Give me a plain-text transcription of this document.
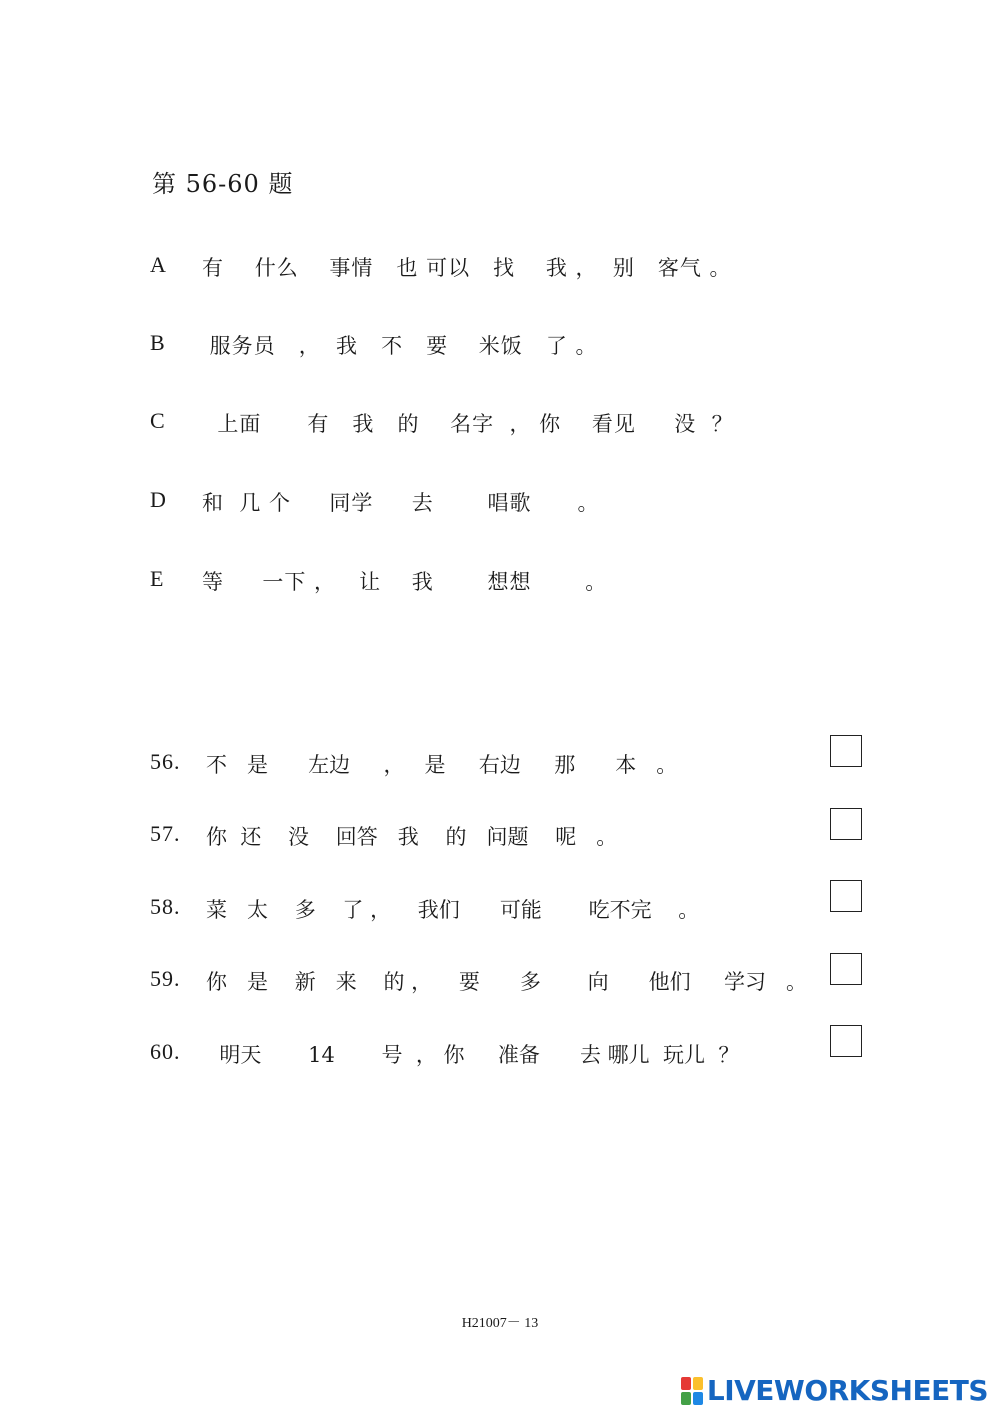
第 56-60 题
A	有    什么    事情   也 可以   找    我 ，  别   客气 。
B	服务员   ，  我   不   要    米饭   了 。
C	上面      有   我   的    名字  ， 你    看见     没  ？
D	和  几 个     同学     去       唱歌      。
E	等     一下 ，   让    我       想想       。
56.	不   是      左边     ，   是     右边     那      本   。
57.	你  还    没    回答   我    的   问题    呢   。
58.	菜   太    多    了 ，    我们      可能       吃不完    。
59.	你   是    新   来    的 ，    要      多       向      他们     学习   。
60.	明天       14       号  ， 你     准备      去 哪儿  玩儿  ？
H21007－ 13
LIVEWORKSHEETS
